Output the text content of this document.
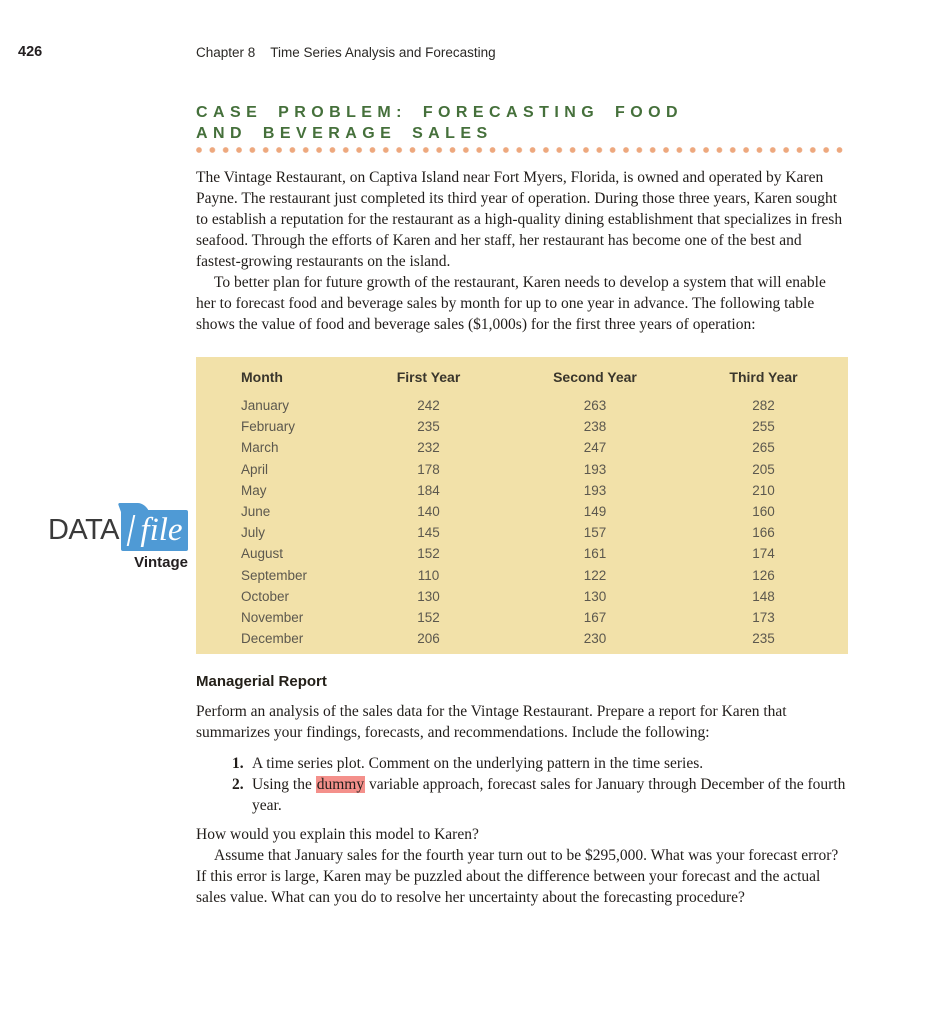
426	Chapter 8 Time Series Analysis and Forecasting
DATA file
Vintage
CASE PROBLEM: FORECASTING FOOD
AND BEVERAGE SALES

The Vintage Restaurant, on Captiva Island near Fort Myers, Florida, is owned and operated by Karen Payne. The restaurant just completed its third year of operation. During those three years, Karen sought to establish a reputation for the restaurant as a high-quality dining establishment that specializes in fresh seafood. Through the efforts of Karen and her staff, her restaurant has become one of the best and fastest-growing restaurants on the island.

To better plan for future growth of the restaurant, Karen needs to develop a system that will enable her to forecast food and beverage sales by month for up to one year in advance. The following table shows the value of food and beverage sales ($1,000s) for the first three years of operation:

Month	First Year	Second Year	Third Year
January	242	263	282
February	235	238	255
March	232	247	265
April	178	193	205
May	184	193	210
June	140	149	160
July	145	157	166
August	152	161	174
September	110	122	126
October	130	130	148
November	152	167	173
December	206	230	235
Managerial Report

Perform an analysis of the sales data for the Vintage Restaurant. Prepare a report for Karen that summarizes your findings, forecasts, and recommendations. Include the following:

1. A time series plot. Comment on the underlying pattern in the time series.
2. Using the dummy variable approach, forecast sales for January through December of the fourth year.

How would you explain this model to Karen?

Assume that January sales for the fourth year turn out to be $295,000. What was your forecast error? If this error is large, Karen may be puzzled about the difference between your forecast and the actual sales value. What can you do to resolve her uncertainty about the forecasting procedure?
